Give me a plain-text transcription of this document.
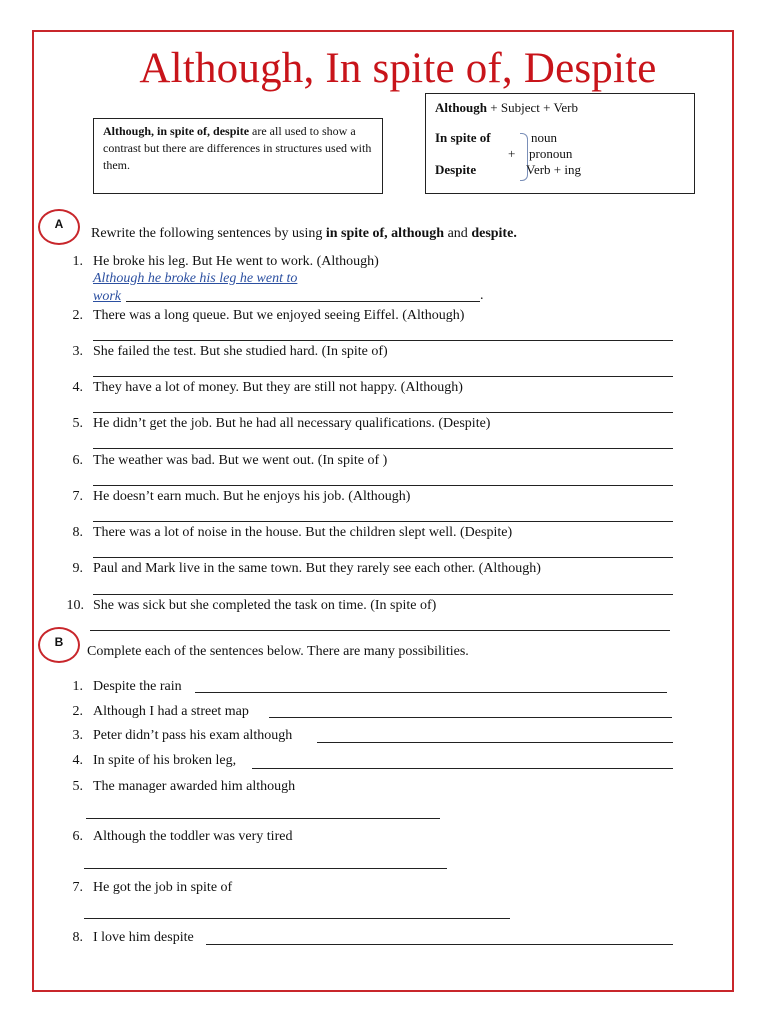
Although, In spite of, Despite
Although, in spite of, despite are all used to show a contrast but there are differences in structures used with them.
Although + Subject + Verb
In spite of
Despite
+
noun
pronoun
Verb + ing
A
Rewrite the following sentences by using in spite of, although and despite.
1. He broke his leg. But He went to work. (Although)
2. There was a long queue. But we enjoyed seeing Eiffel. (Although)
3. She failed the test. But she studied hard. (In spite of)
4. They have a lot of money. But they are still not happy. (Although)
5. He didn’t get the job. But he had all necessary qualifications. (Despite)
6. The weather was bad. But we went out. (In spite of )
7. He doesn’t earn much. But he enjoys his job. (Although)
8. There was a lot of noise in the house. But the children slept well. (Despite)
9. Paul and Mark live in the same town. But they rarely see each other. (Although)
10. She was sick but she completed the task on time. (In spite of)
Although he broke his leg he went to
work	.
B
Complete each of the sentences below. There are many possibilities.
1. Despite the rain
2. Although I had a street map
3. Peter didn’t pass his exam although
4. In spite of his broken leg,
5. The manager awarded him although
6. Although the toddler was very tired
7. He got the job in spite of
8. I love him despite
